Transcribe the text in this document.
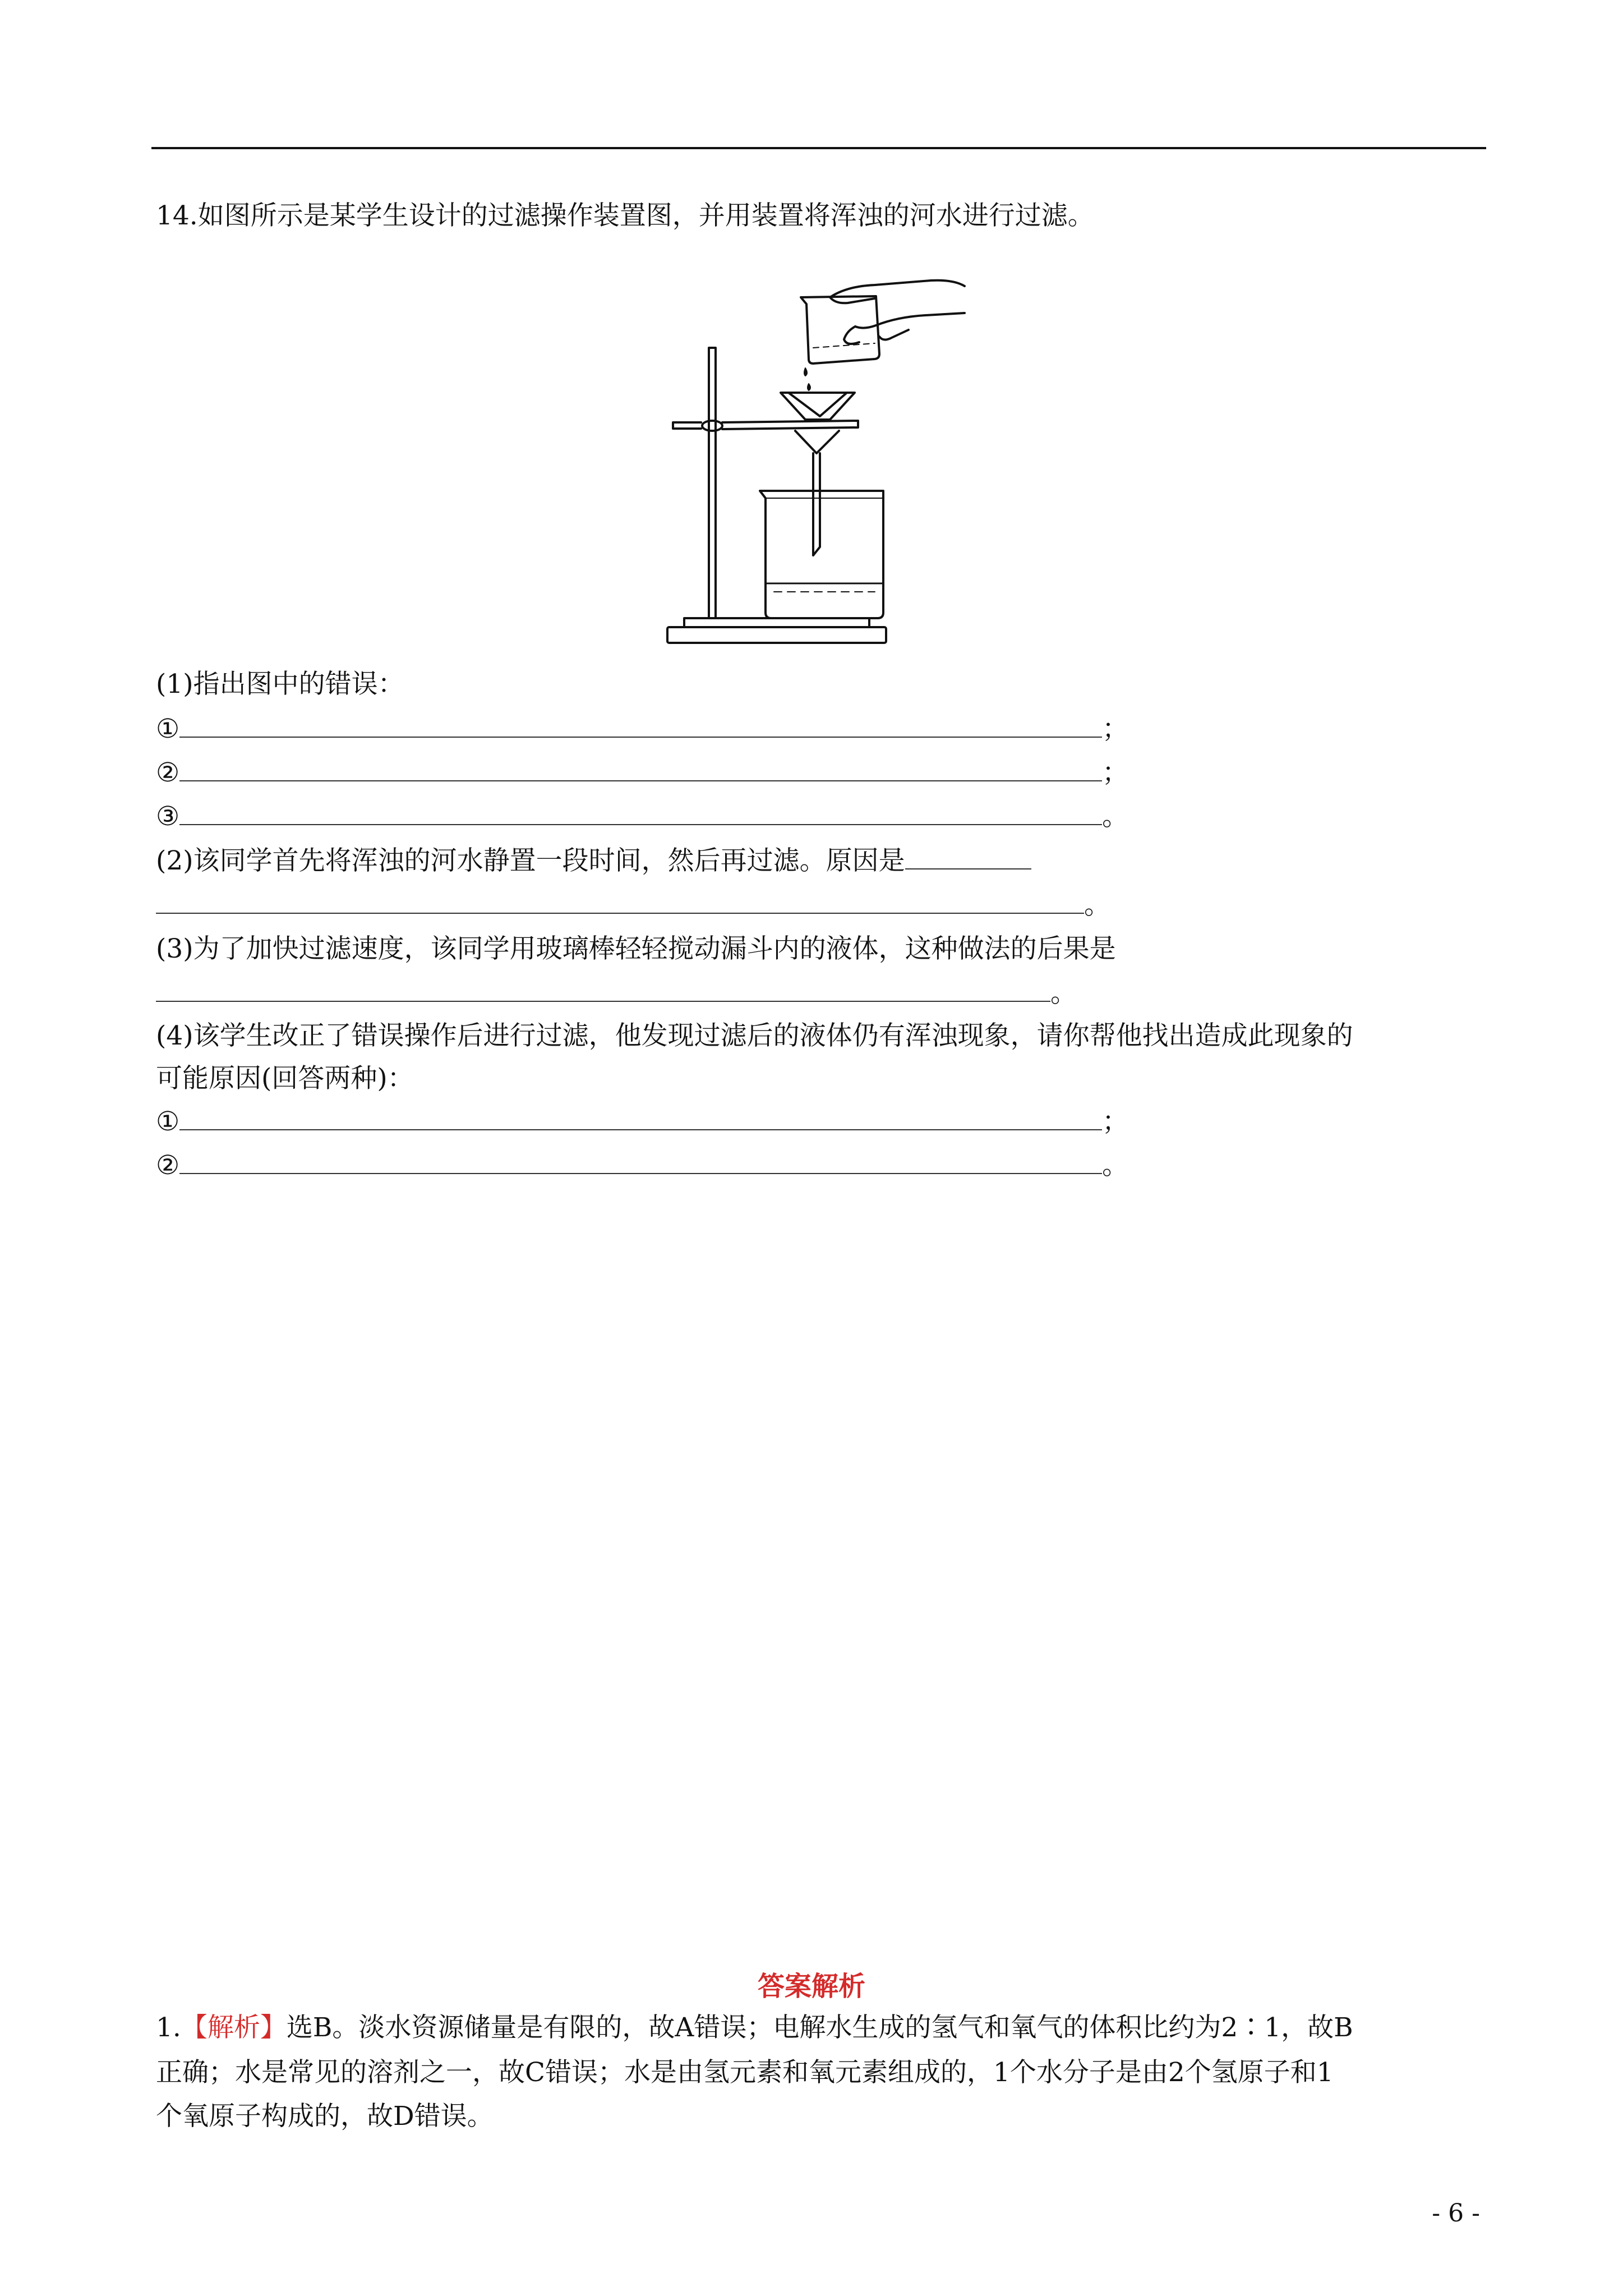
14.如图所示是某学生设计的过滤操作装置图，并用装置将浑浊的河水进行过滤。
(1)指出图中的错误：
①	；
②	；
③	。
(2)该同学首先将浑浊的河水静置一段时间，然后再过滤。原因是
。
(3)为了加快过滤速度，该同学用玻璃棒轻轻搅动漏斗内的液体，这种做法的后果是
。
(4)该学生改正了错误操作后进行过滤，他发现过滤后的液体仍有浑浊现象，请你帮他找出造成此现象的
可能原因(回答两种)：
①	；
②	。
答案解析
1.【解析】选B。淡水资源储量是有限的，故A错误；电解水生成的氢气和氧气的体积比约为2∶1，故B
正确；水是常见的溶剂之一，故C错误；水是由氢元素和氧元素组成的，1个水分子是由2个氢原子和1
个氧原子构成的，故D错误。
- 6 -
